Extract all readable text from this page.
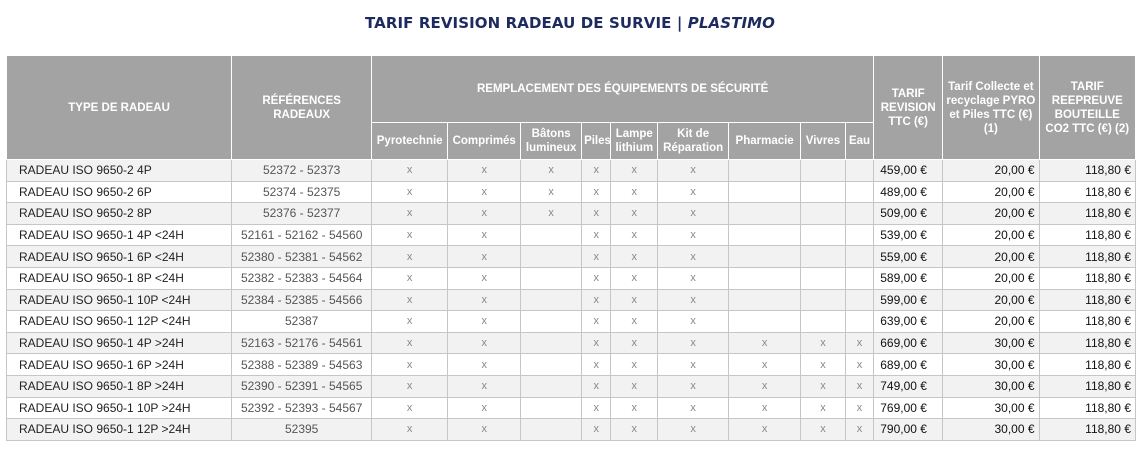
TARIF REVISION RADEAU DE SURVIE | PLASTIMO
TYPE DE RADEAU	RÉFÉRENCES RADEAUX	REMPLACEMENT DES ÉQUIPEMENTS DE SÉCURITÉ									TARIF REVISION TTC (€)	Tarif Collecte et recyclage PYRO et Piles TTC (€) (1)	TARIF REEPREUVE BOUTEILLE CO2 TTC (€) (2)
		Pyrotechnie	Comprimés	Bâtons lumineux	Piles	Lampe lithium	Kit de Réparation	Pharmacie	Vivres	Eau			
RADEAU ISO 9650-2 4P	52372 - 52373	x	x	x	x	x	x				459,00 €	20,00 €	118,80 €
RADEAU ISO 9650-2 6P	52374 - 52375	x	x	x	x	x	x				489,00 €	20,00 €	118,80 €
RADEAU ISO 9650-2 8P	52376 - 52377	x	x	x	x	x	x				509,00 €	20,00 €	118,80 €
RADEAU ISO 9650-1 4P <24H	52161 - 52162 - 54560	x	x		x	x	x				539,00 €	20,00 €	118,80 €
RADEAU ISO 9650-1 6P <24H	52380 - 52381 - 54562	x	x		x	x	x				559,00 €	20,00 €	118,80 €
RADEAU ISO 9650-1 8P <24H	52382 - 52383 - 54564	x	x		x	x	x				589,00 €	20,00 €	118,80 €
RADEAU ISO 9650-1 10P <24H	52384 - 52385 - 54566	x	x		x	x	x				599,00 €	20,00 €	118,80 €
RADEAU ISO 9650-1 12P <24H	52387	x	x		x	x	x				639,00 €	20,00 €	118,80 €
RADEAU ISO 9650-1 4P >24H	52163 - 52176 - 54561	x	x		x	x	x	x	x	x	669,00 €	30,00 €	118,80 €
RADEAU ISO 9650-1 6P >24H	52388 - 52389 - 54563	x	x		x	x	x	x	x	x	689,00 €	30,00 €	118,80 €
RADEAU ISO 9650-1 8P >24H	52390 - 52391 - 54565	x	x		x	x	x	x	x	x	749,00 €	30,00 €	118,80 €
RADEAU ISO 9650-1 10P >24H	52392 - 52393 - 54567	x	x		x	x	x	x	x	x	769,00 €	30,00 €	118,80 €
RADEAU ISO 9650-1 12P >24H	52395	x	x		x	x	x	x	x	x	790,00 €	30,00 €	118,80 €
